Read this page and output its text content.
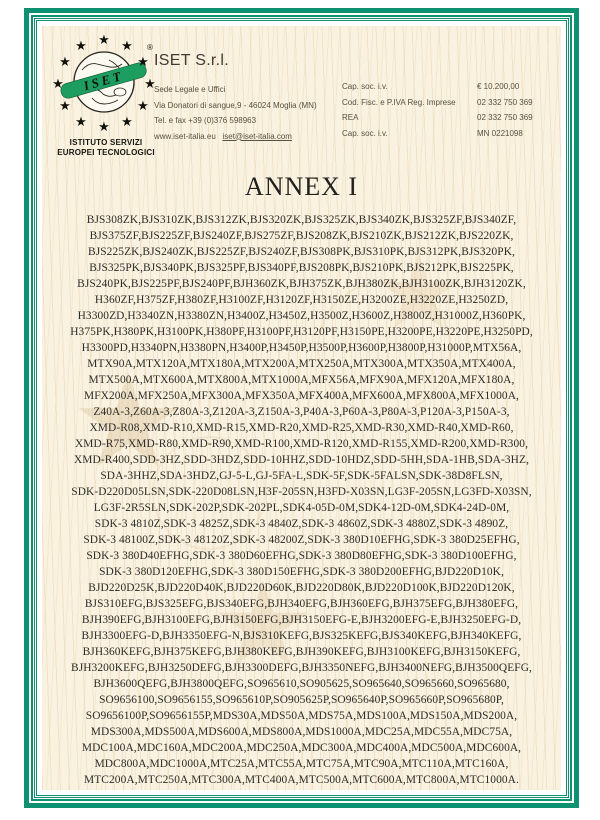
★
★
★
ISET
★ ★
★
★
★
★
★
★
★
★
★
★	®
ISTITUTO SERVIZI
EUROPEI TECNOLOGICI
ISET S.r.l.
Sede Legale e Uffici
Via Donatori di sangue,9 - 46024 Moglia (MN)
Tel. e fax +39 (0)376 598963
www.iset-italia.eu iset@iset-italia.com
Cap. soc. i.v.	€ 10.200,00
Cod. Fisc. e P.IVA Reg. Imprese	02 332 750 369
REA	02 332 750 369
Cap. soc. i.v.	MN 0221098
ANNEX I
BJS308ZK,BJS310ZK,BJS312ZK,BJS320ZK,BJS325ZK,BJS340ZK,BJS325ZF,BJS340ZF,
BJS375ZF,BJS225ZF,BJS240ZF,BJS275ZF,BJS208ZK,BJS210ZK,BJS212ZK,BJS220ZK,
BJS225ZK,BJS240ZK,BJS225ZF,BJS240ZF,BJS308PK,BJS310PK,BJS312PK,BJS320PK,
BJS325PK,BJS340PK,BJS325PF,BJS340PF,BJS208PK,BJS210PK,BJS212PK,BJS225PK,
BJS240PK,BJS225PF,BJS240PF,BJH360ZK,BJH375ZK,BJH380ZK,BJH3100ZK,BJH3120ZK,
H360ZF,H375ZF,H380ZF,H3100ZF,H3120ZF,H3150ZE,H3200ZE,H3220ZE,H3250ZD,
H3300ZD,H3340ZN,H3380ZN,H3400Z,H3450Z,H3500Z,H3600Z,H3800Z,H31000Z,H360PK,
H375PK,H380PK,H3100PK,H380PF,H3100PF,H3120PF,H3150PE,H3200PE,H3220PE,H3250PD,
H3300PD,H3340PN,H3380PN,H3400P,H3450P,H3500P,H3600P,H3800P,H31000P,MTX56A,
MTX90A,MTX120A,MTX180A,MTX200A,MTX250A,MTX300A,MTX350A,MTX400A,
MTX500A,MTX600A,MTX800A,MTX1000A,MFX56A,MFX90A,MFX120A,MFX180A,
MFX200A,MFX250A,MFX300A,MFX350A,MFX400A,MFX600A,MFX800A,MFX1000A,
Z40A-3,Z60A-3,Z80A-3,Z120A-3,Z150A-3,P40A-3,P60A-3,P80A-3,P120A-3,P150A-3,
XMD-R08,XMD-R10,XMD-R15,XMD-R20,XMD-R25,XMD-R30,XMD-R40,XMD-R60,
XMD-R75,XMD-R80,XMD-R90,XMD-R100,XMD-R120,XMD-R155,XMD-R200,XMD-R300,
XMD-R400,SDD-3HZ,SDD-3HDZ,SDD-10HHZ,SDD-10HDZ,SDD-5HH,SDA-1HB,SDA-3HZ,
SDA-3HHZ,SDA-3HDZ,GJ-5-L,GJ-5FA-L,SDK-5F,SDK-5FALSN,SDK-38D8FLSN,
SDK-D220D05LSN,SDK-220D08LSN,H3F-205SN,H3FD-X03SN,LG3F-205SN,LG3FD-X03SN,
LG3F-2R5SLN,SDK-202P,SDK-202PL,SDK4-05D-0M,SDK4-12D-0M,SDK4-24D-0M,
SDK-3 4810Z,SDK-3 4825Z,SDK-3 4840Z,SDK-3 4860Z,SDK-3 4880Z,SDK-3 4890Z,
SDK-3 48100Z,SDK-3 48120Z,SDK-3 48200Z,SDK-3 380D10EFHG,SDK-3 380D25EFHG,
SDK-3 380D40EFHG,SDK-3 380D60EFHG,SDK-3 380D80EFHG,SDK-3 380D100EFHG,
SDK-3 380D120EFHG,SDK-3 380D150EFHG,SDK-3 380D200EFHG,BJD220D10K,
BJD220D25K,BJD220D40K,BJD220D60K,BJD220D80K,BJD220D100K,BJD220D120K,
BJS310EFG,BJS325EFG,BJS340EFG,BJH340EFG,BJH360EFG,BJH375EFG,BJH380EFG,
BJH390EFG,BJH3100EFG,BJH3150EFG,BJH3150EFG-E,BJH3200EFG-E,BJH3250EFG-D,
BJH3300EFG-D,BJH3350EFG-N,BJS310KEFG,BJS325KEFG,BJS340KEFG,BJH340KEFG,
BJH360KEFG,BJH375KEFG,BJH380KEFG,BJH390KEFG,BJH3100KEFG,BJH3150KEFG,
BJH3200KEFG,BJH3250DEFG,BJH3300DEFG,BJH3350NEFG,BJH3400NEFG,BJH3500QEFG,
BJH3600QEFG,BJH3800QEFG,SO965610,SO905625,SO965640,SO965660,SO965680,
SO9656100,SO9656155,SO965610P,SO905625P,SO965640P,SO965660P,SO965680P,
SO9656100P,SO9656155P,MDS30A,MDS50A,MDS75A,MDS100A,MDS150A,MDS200A,
MDS300A,MDS500A,MDS600A,MDS800A,MDS1000A,MDC25A,MDC55A,MDC75A,
MDC100A,MDC160A,MDC200A,MDC250A,MDC300A,MDC400A,MDC500A,MDC600A,
MDC800A,MDC1000A,MTC25A,MTC55A,MTC75A,MTC90A,MTC110A,MTC160A,
MTC200A,MTC250A,MTC300A,MTC400A,MTC500A,MTC600A,MTC800A,MTC1000A.
